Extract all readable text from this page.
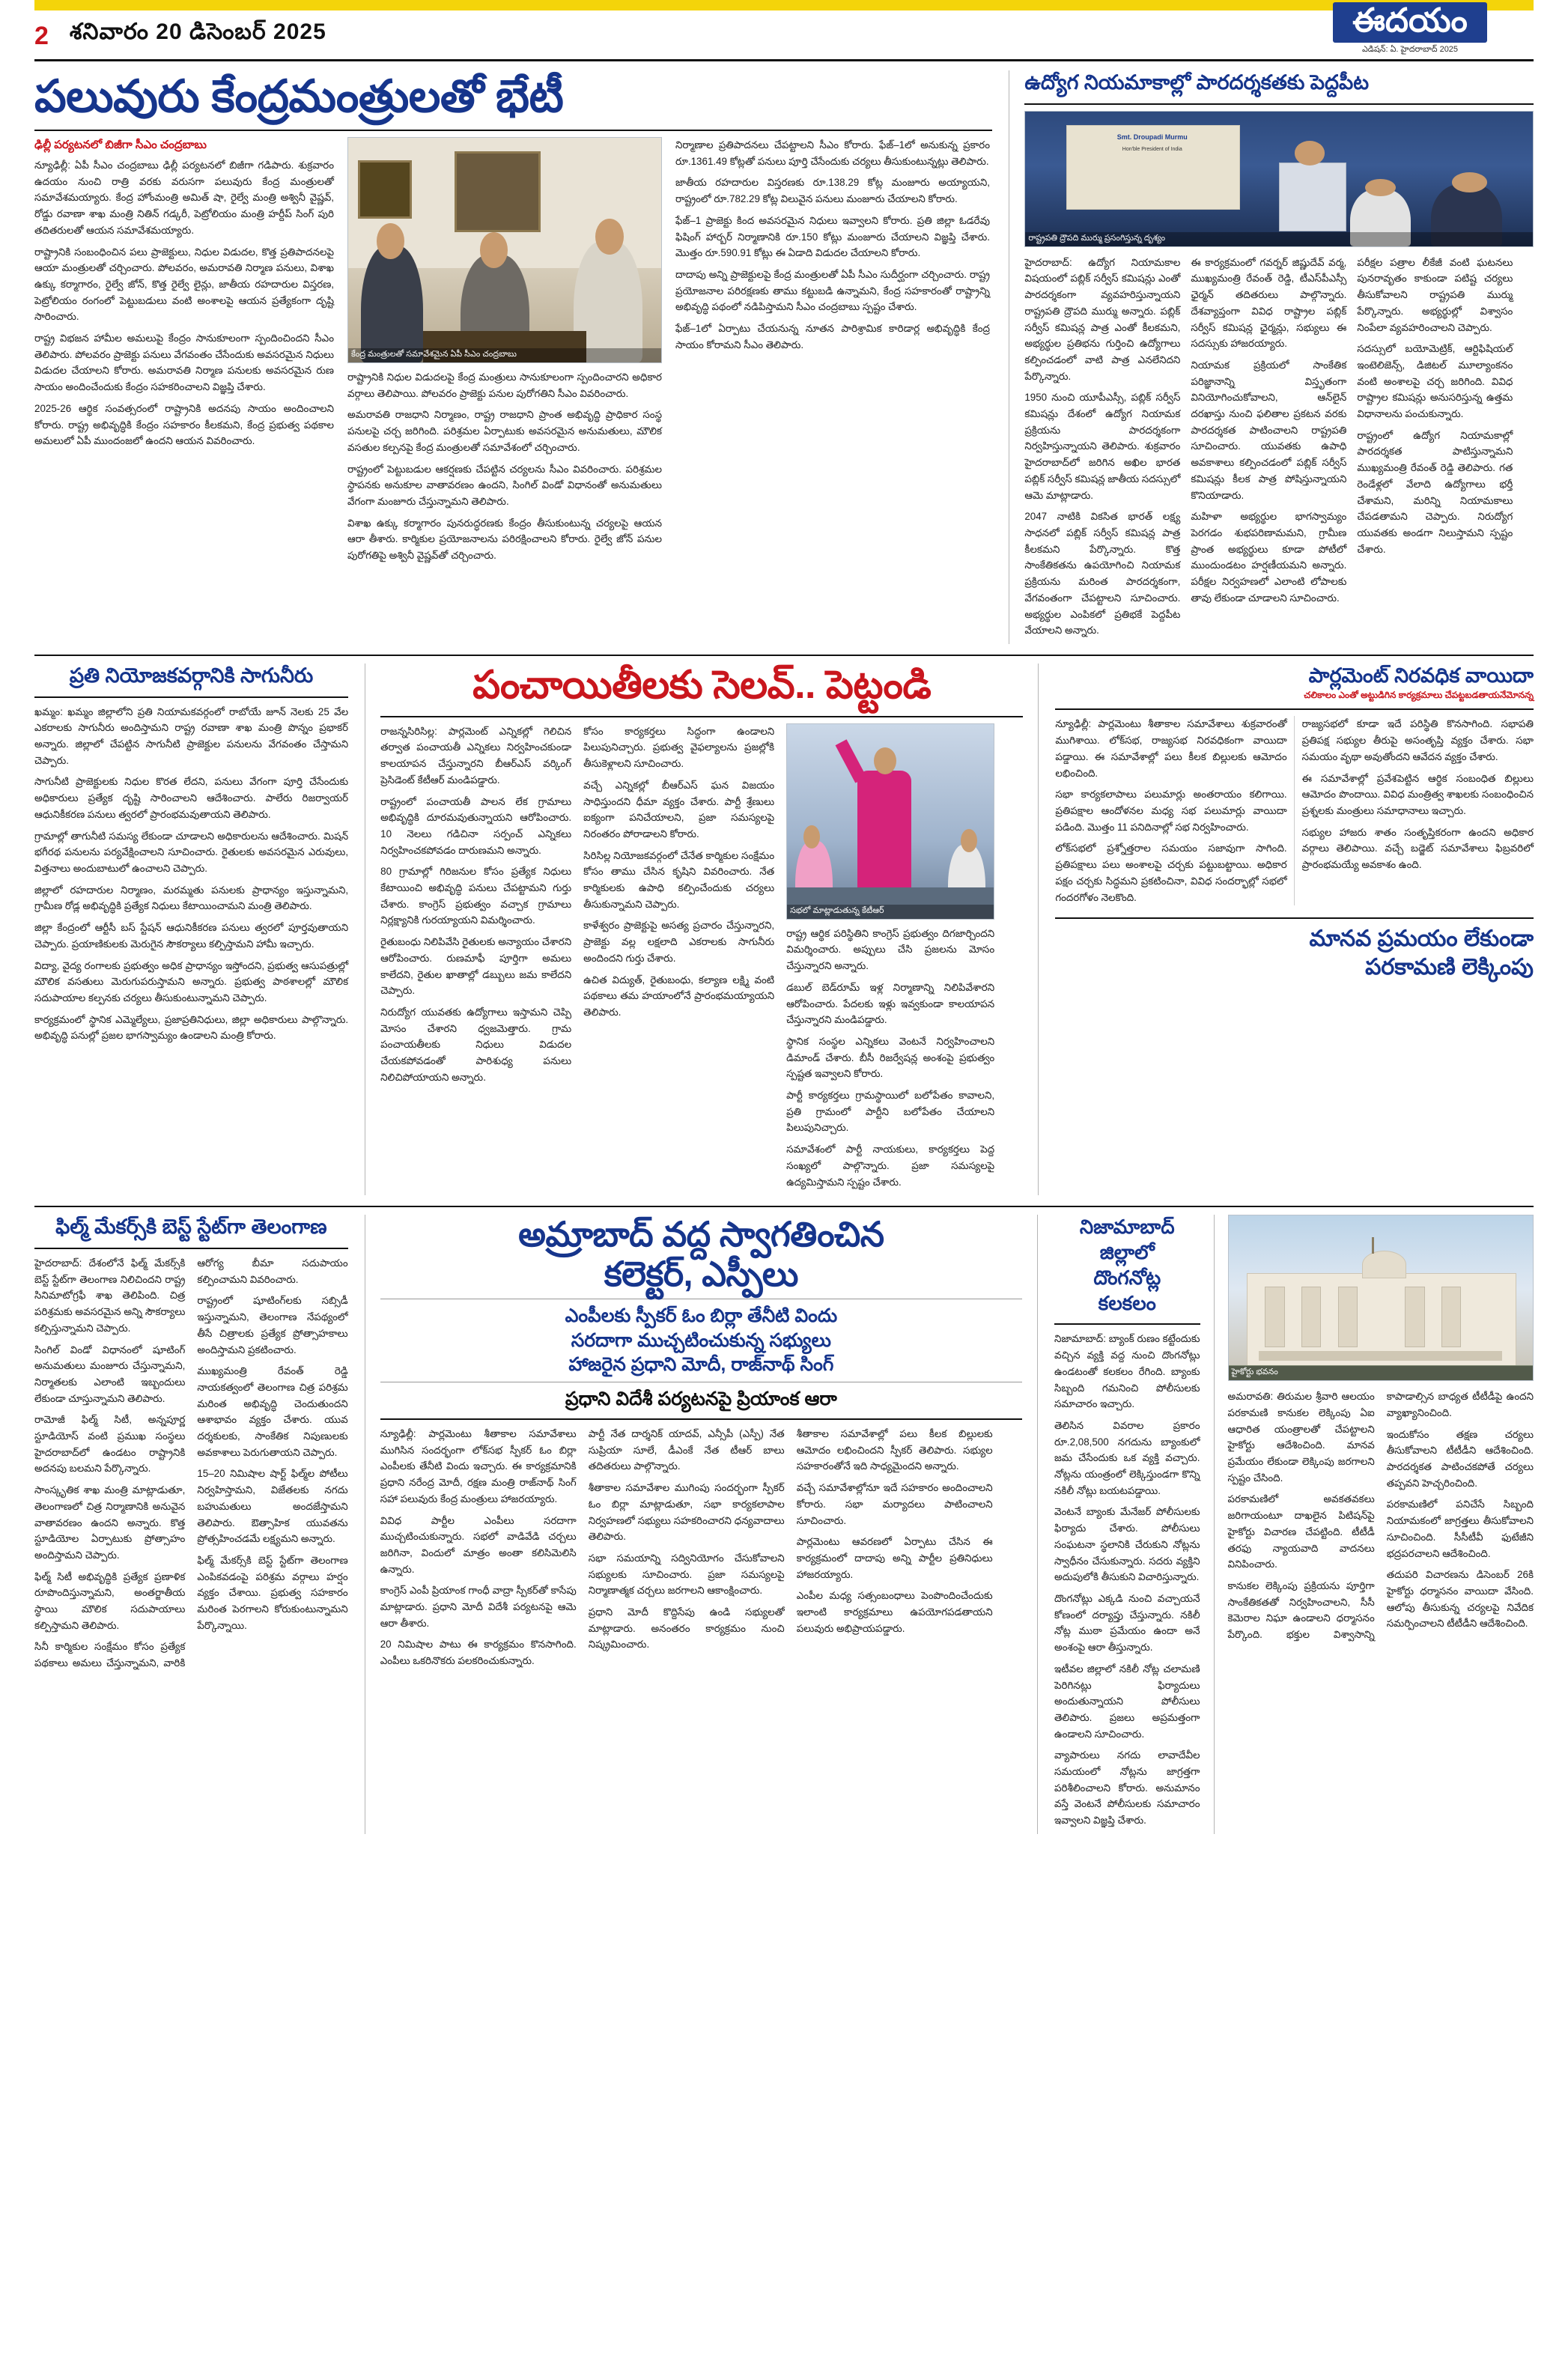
2 శనివారం 20 డిసెంబర్ 2025	ఈదయం
ఎడిషన్: ఏ. హైదరాబాద్ 2025
పలువురు కేంద్రమంత్రులతో భేటీ
ఢిల్లీ పర్యటనలో బిజీగా సీఎం చంద్రబాబు

న్యూఢిల్లీ: ఏపీ సీఎం చంద్రబాబు ఢిల్లీ పర్యటనలో బిజీగా గడిపారు. శుక్రవారం ఉదయం నుంచి రాత్రి వరకు వరుసగా పలువురు కేంద్ర మంత్రులతో సమావేశమయ్యారు. కేంద్ర హోంమంత్రి అమిత్ షా, రైల్వే మంత్రి అశ్వినీ వైష్ణవ్, రోడ్డు రవాణా శాఖ మంత్రి నితిన్ గడ్కరీ, పెట్రోలియం మంత్రి హర్దీప్ సింగ్ పురి తదితరులతో ఆయన సమావేశమయ్యారు.

రాష్ట్రానికి సంబంధించిన పలు ప్రాజెక్టులు, నిధుల విడుదల, కొత్త ప్రతిపాదనలపై ఆయా మంత్రులతో చర్చించారు. పోలవరం, అమరావతి నిర్మాణ పనులు, విశాఖ ఉక్కు కర్మాగారం, రైల్వే జోన్, కొత్త రైల్వే లైన్లు, జాతీయ రహదారుల విస్తరణ, పెట్రోలియం రంగంలో పెట్టుబడులు వంటి అంశాలపై ఆయన ప్రత్యేకంగా దృష్టి సారించారు.

రాష్ట్ర విభజన హామీల అమలుపై కేంద్రం సానుకూలంగా స్పందించిందని సీఎం తెలిపారు. పోలవరం ప్రాజెక్టు పనులు వేగవంతం చేసేందుకు అవసరమైన నిధులు విడుదల చేయాలని కోరారు. అమరావతి నిర్మాణ పనులకు అవసరమైన రుణ సాయం అందించేందుకు కేంద్రం సహకరించాలని విజ్ఞప్తి చేశారు.

2025-26 ఆర్థిక సంవత్సరంలో రాష్ట్రానికి అదనపు సాయం అందించాలని కోరారు. రాష్ట్ర అభివృద్ధికి కేంద్రం సహకారం కీలకమని, కేంద్ర ప్రభుత్వ పథకాల అమలులో ఏపీ ముందంజలో ఉందని ఆయన వివరించారు.

కేంద్ర మంత్రులతో సమావేశమైన ఏపీ సీఎం చంద్రబాబు

రాష్ట్రానికి నిధుల విడుదలపై కేంద్ర మంత్రులు సానుకూలంగా స్పందించారని అధికార వర్గాలు తెలిపాయి. పోలవరం ప్రాజెక్టు పనుల పురోగతిని సీఎం వివరించారు.

అమరావతి రాజధాని నిర్మాణం, రాష్ట్ర రాజధాని ప్రాంత అభివృద్ధి ప్రాధికార సంస్థ పనులపై చర్చ జరిగింది. పరిశ్రమల ఏర్పాటుకు అవసరమైన అనుమతులు, మౌలిక వసతుల కల్పనపై కేంద్ర మంత్రులతో సమావేశంలో చర్చించారు.

రాష్ట్రంలో పెట్టుబడుల ఆకర్షణకు చేపట్టిన చర్యలను సీఎం వివరించారు. పరిశ్రమల స్థాపనకు అనుకూల వాతావరణం ఉందని, సింగిల్ విండో విధానంతో అనుమతులు వేగంగా మంజూరు చేస్తున్నామని తెలిపారు.

విశాఖ ఉక్కు కర్మాగారం పునరుద్ధరణకు కేంద్రం తీసుకుంటున్న చర్యలపై ఆయన ఆరా తీశారు. కార్మికుల ప్రయోజనాలను పరిరక్షించాలని కోరారు. రైల్వే జోన్ పనుల పురోగతిపై అశ్వినీ వైష్ణవ్‌తో చర్చించారు.

నిర్మాణాల ప్రతిపాదనలు చేపట్టాలని సీఎం కోరారు. ఫేజ్–1లో అనుకున్న ప్రకారం రూ.1361.49 కోట్లతో పనులు పూర్తి చేసేందుకు చర్యలు తీసుకుంటున్నట్లు తెలిపారు.

జాతీయ రహదారుల విస్తరణకు రూ.138.29 కోట్ల మంజూరు అయ్యాయని, రాష్ట్రంలో రూ.782.29 కోట్ల విలువైన పనులు మంజూరు చేయాలని కోరారు.

ఫేజ్–1 ప్రాజెక్టు కింద అవసరమైన నిధులు ఇవ్వాలని కోరారు. ప్రతి జిల్లా ఓడరేవు ఫిషింగ్ హార్బర్ నిర్మాణానికి రూ.150 కోట్లు మంజూరు చేయాలని విజ్ఞప్తి చేశారు. మొత్తం రూ.590.91 కోట్లు ఈ ఏడాది విడుదల చేయాలని కోరారు.

దాదాపు అన్ని ప్రాజెక్టులపై కేంద్ర మంత్రులతో ఏపీ సీఎం సుదీర్ఘంగా చర్చించారు. రాష్ట్ర ప్రయోజనాల పరిరక్షణకు తాము కట్టుబడి ఉన్నామని, కేంద్ర సహకారంతో రాష్ట్రాన్ని అభివృద్ధి పథంలో నడిపిస్తామని సీఎం చంద్రబాబు స్పష్టం చేశారు.

ఫేజ్–1లో ఏర్పాటు చేయనున్న నూతన పారిశ్రామిక కారిడార్ల అభివృద్ధికి కేంద్ర సాయం కోరామని సీఎం తెలిపారు.

ఉద్యోగ నియమాకాల్లో పారదర్శకతకు పెద్దపీట
Smt. Droupadi Murmu
Hon'ble President of India
రాష్ట్రపతి ద్రౌపది ముర్ము ప్రసంగిస్తున్న దృశ్యం

హైదరాబాద్: ఉద్యోగ నియామకాల విషయంలో పబ్లిక్ సర్వీస్ కమిషన్లు ఎంతో పారదర్శకంగా వ్యవహరిస్తున్నాయని రాష్ట్రపతి ద్రౌపది ముర్ము అన్నారు. పబ్లిక్ సర్వీస్ కమిషన్ల పాత్ర ఎంతో కీలకమని, అభ్యర్థుల ప్రతిభను గుర్తించి ఉద్యోగాలు కల్పించడంలో వాటి పాత్ర ఎనలేనిదని పేర్కొన్నారు.

1950 నుంచి యూపీఎస్సీ, పబ్లిక్ సర్వీస్ కమిషన్లు దేశంలో ఉద్యోగ నియామక ప్రక్రియను పారదర్శకంగా నిర్వహిస్తున్నాయని తెలిపారు. శుక్రవారం హైదరాబాద్‌లో జరిగిన అఖిల భారత పబ్లిక్ సర్వీస్ కమిషన్ల జాతీయ సదస్సులో ఆమె మాట్లాడారు.

2047 నాటికి వికసిత భారత్ లక్ష్య సాధనలో పబ్లిక్ సర్వీస్ కమిషన్ల పాత్ర కీలకమని పేర్కొన్నారు. కొత్త సాంకేతికతను ఉపయోగించి నియామక ప్రక్రియను మరింత పారదర్శకంగా, వేగవంతంగా చేపట్టాలని సూచించారు. అభ్యర్థుల ఎంపికలో ప్రతిభకే పెద్దపీట వేయాలని అన్నారు.

ఈ కార్యక్రమంలో గవర్నర్ జిష్ణుదేవ్ వర్మ, ముఖ్యమంత్రి రేవంత్ రెడ్డి, టీఎస్‌పీఎస్సీ ఛైర్మన్ తదితరులు పాల్గొన్నారు. దేశవ్యాప్తంగా వివిధ రాష్ట్రాల పబ్లిక్ సర్వీస్ కమిషన్ల ఛైర్మన్లు, సభ్యులు ఈ సదస్సుకు హాజరయ్యారు.

నియామక ప్రక్రియలో సాంకేతిక పరిజ్ఞానాన్ని విస్తృతంగా వినియోగించుకోవాలని, ఆన్‌లైన్ దరఖాస్తు నుంచి ఫలితాల ప్రకటన వరకు పారదర్శకత పాటించాలని రాష్ట్రపతి సూచించారు. యువతకు ఉపాధి అవకాశాలు కల్పించడంలో పబ్లిక్ సర్వీస్ కమిషన్లు కీలక పాత్ర పోషిస్తున్నాయని కొనియాడారు.

మహిళా అభ్యర్థుల భాగస్వామ్యం పెరగడం శుభపరిణామమని, గ్రామీణ ప్రాంత అభ్యర్థులు కూడా పోటీలో ముందుండటం హర్షణీయమని అన్నారు. పరీక్షల నిర్వహణలో ఎలాంటి లోపాలకు తావు లేకుండా చూడాలని సూచించారు.

పరీక్షల పత్రాల లీకేజీ వంటి ఘటనలు పునరావృతం కాకుండా పటిష్ట చర్యలు తీసుకోవాలని రాష్ట్రపతి ముర్ము పేర్కొన్నారు. అభ్యర్థుల్లో విశ్వాసం నింపేలా వ్యవహరించాలని చెప్పారు.

సదస్సులో బయోమెట్రిక్, ఆర్టిఫిషియల్ ఇంటెలిజెన్స్, డిజిటల్ మూల్యాంకనం వంటి అంశాలపై చర్చ జరిగింది. వివిధ రాష్ట్రాల కమిషన్లు అనుసరిస్తున్న ఉత్తమ విధానాలను పంచుకున్నారు.

రాష్ట్రంలో ఉద్యోగ నియామకాల్లో పారదర్శకత పాటిస్తున్నామని ముఖ్యమంత్రి రేవంత్ రెడ్డి తెలిపారు. గత రెండేళ్లలో వేలాది ఉద్యోగాలు భర్తీ చేశామని, మరిన్ని నియామకాలు చేపడతామని చెప్పారు. నిరుద్యోగ యువతకు అండగా నిలుస్తామని స్పష్టం చేశారు.

ప్రతి నియోజకవర్గానికి సాగునీరు

ఖమ్మం: ఖమ్మం జిల్లాలోని ప్రతి నియామకవర్గంలో రాబోయే జూన్ నెలకు 25 వేల ఎకరాలకు సాగునీరు అందిస్తామని రాష్ట్ర రవాణా శాఖ మంత్రి పొన్నం ప్రభాకర్ అన్నారు. జిల్లాలో చేపట్టిన సాగునీటి ప్రాజెక్టుల పనులను వేగవంతం చేస్తామని చెప్పారు.

సాగునీటి ప్రాజెక్టులకు నిధుల కొరత లేదని, పనులు వేగంగా పూర్తి చేసేందుకు అధికారులు ప్రత్యేక దృష్టి సారించాలని ఆదేశించారు. పాలేరు రిజర్వాయర్ ఆధునికీకరణ పనులు త్వరలో ప్రారంభమవుతాయని తెలిపారు.

గ్రామాల్లో తాగునీటి సమస్య లేకుండా చూడాలని అధికారులను ఆదేశించారు. మిషన్ భగీరథ పనులను పర్యవేక్షించాలని సూచించారు. రైతులకు అవసరమైన ఎరువులు, విత్తనాలు అందుబాటులో ఉంచాలని చెప్పారు.

జిల్లాలో రహదారుల నిర్మాణం, మరమ్మతు పనులకు ప్రాధాన్యం ఇస్తున్నామని, గ్రామీణ రోడ్ల అభివృద్ధికి ప్రత్యేక నిధులు కేటాయించామని మంత్రి తెలిపారు.

జిల్లా కేంద్రంలో ఆర్టీసీ బస్ స్టేషన్ ఆధునికీకరణ పనులు త్వరలో పూర్తవుతాయని చెప్పారు. ప్రయాణికులకు మెరుగైన సౌకర్యాలు కల్పిస్తామని హామీ ఇచ్చారు.

విద్యా, వైద్య రంగాలకు ప్రభుత్వం అధిక ప్రాధాన్యం ఇస్తోందని, ప్రభుత్వ ఆసుపత్రుల్లో మౌలిక వసతులు మెరుగుపరుస్తామని అన్నారు. ప్రభుత్వ పాఠశాలల్లో మౌలిక సదుపాయాల కల్పనకు చర్యలు తీసుకుంటున్నామని చెప్పారు.

కార్యక్రమంలో స్థానిక ఎమ్మెల్యేలు, ప్రజాప్రతినిధులు, జిల్లా అధికారులు పాల్గొన్నారు. అభివృద్ధి పనుల్లో ప్రజల భాగస్వామ్యం ఉండాలని మంత్రి కోరారు.

పంచాయితీలకు సెలవ్.. పెట్టండి

రాజన్నసిరిసిల్ల: పార్లమెంట్ ఎన్నికల్లో గెలిచిన తర్వాత పంచాయతీ ఎన్నికలు నిర్వహించకుండా కాలయాపన చేస్తున్నారని బీఆర్ఎస్ వర్కింగ్ ప్రెసిడెంట్ కేటీఆర్ మండిపడ్డారు.

రాష్ట్రంలో పంచాయతీ పాలన లేక గ్రామాలు అభివృద్ధికి దూరమవుతున్నాయని ఆరోపించారు. 10 నెలలు గడిచినా సర్పంచ్ ఎన్నికలు నిర్వహించకపోవడం దారుణమని అన్నారు.

80 గ్రామాల్లో గిరిజనుల కోసం ప్రత్యేక నిధులు కేటాయించి అభివృద్ధి పనులు చేపట్టామని గుర్తు చేశారు. కాంగ్రెస్ ప్రభుత్వం వచ్చాక గ్రామాలు నిర్లక్ష్యానికి గురయ్యాయని విమర్శించారు.

రైతుబంధు నిలిపివేసి రైతులకు అన్యాయం చేశారని ఆరోపించారు. రుణమాఫీ పూర్తిగా అమలు కాలేదని, రైతుల ఖాతాల్లో డబ్బులు జమ కాలేదని చెప్పారు.

నిరుద్యోగ యువతకు ఉద్యోగాలు ఇస్తామని చెప్పి మోసం చేశారని ధ్వజమెత్తారు. గ్రామ పంచాయతీలకు నిధులు విడుదల చేయకపోవడంతో పారిశుధ్య పనులు నిలిచిపోయాయని అన్నారు.

కోసం కార్యకర్తలు సిద్ధంగా ఉండాలని పిలుపునిచ్చారు. ప్రభుత్వ వైఫల్యాలను ప్రజల్లోకి తీసుకెళ్లాలని సూచించారు.

వచ్చే ఎన్నికల్లో బీఆర్ఎస్ ఘన విజయం సాధిస్తుందని ధీమా వ్యక్తం చేశారు. పార్టీ శ్రేణులు ఐక్యంగా పనిచేయాలని, ప్రజా సమస్యలపై నిరంతరం పోరాడాలని కోరారు.

సిరిసిల్ల నియోజకవర్గంలో చేనేత కార్మికుల సంక్షేమం కోసం తాము చేసిన కృషిని వివరించారు. నేత కార్మికులకు ఉపాధి కల్పించేందుకు చర్యలు తీసుకున్నామని చెప్పారు.

కాళేశ్వరం ప్రాజెక్టుపై అసత్య ప్రచారం చేస్తున్నారని, ప్రాజెక్టు వల్ల లక్షలాది ఎకరాలకు సాగునీరు అందిందని గుర్తు చేశారు.

ఉచిత విద్యుత్, రైతుబంధు, కల్యాణ లక్ష్మి వంటి పథకాలు తమ హయాంలోనే ప్రారంభమయ్యాయని తెలిపారు.

సభలో మాట్లాడుతున్న కేటీఆర్

రాష్ట్ర ఆర్థిక పరిస్థితిని కాంగ్రెస్ ప్రభుత్వం దిగజార్చిందని విమర్శించారు. అప్పులు చేసి ప్రజలను మోసం చేస్తున్నారని అన్నారు.

డబుల్ బెడ్‌రూమ్ ఇళ్ల నిర్మాణాన్ని నిలిపివేశారని ఆరోపించారు. పేదలకు ఇళ్లు ఇవ్వకుండా కాలయాపన చేస్తున్నారని మండిపడ్డారు.

స్థానిక సంస్థల ఎన్నికలు వెంటనే నిర్వహించాలని డిమాండ్ చేశారు. బీసీ రిజర్వేషన్ల అంశంపై ప్రభుత్వం స్పష్టత ఇవ్వాలని కోరారు.

పార్టీ కార్యకర్తలు గ్రామస్థాయిలో బలోపేతం కావాలని, ప్రతి గ్రామంలో పార్టీని బలోపేతం చేయాలని పిలుపునిచ్చారు.

సమావేశంలో పార్టీ నాయకులు, కార్యకర్తలు పెద్ద సంఖ్యలో పాల్గొన్నారు. ప్రజా సమస్యలపై ఉద్యమిస్తామని స్పష్టం చేశారు.

పార్లమెంట్ నిరవధిక వాయిదా
చలికాలం ఎంతో అట్టుడిగిన కార్యక్రమాలు చేపట్టబడతాయనేమోనన్న

న్యూఢిల్లీ: పార్లమెంటు శీతాకాల సమావేశాలు శుక్రవారంతో ముగిశాయి. లోక్‌సభ, రాజ్యసభ నిరవధికంగా వాయిదా పడ్డాయి. ఈ సమావేశాల్లో పలు కీలక బిల్లులకు ఆమోదం లభించింది.

సభా కార్యకలాపాలు పలుమార్లు అంతరాయం కలిగాయి. ప్రతిపక్షాల ఆందోళనల మధ్య సభ పలుమార్లు వాయిదా పడింది. మొత్తం 11 పనిదినాల్లో సభ నిర్వహించారు.

లోక్‌సభలో ప్రశ్నోత్తరాల సమయం సజావుగా సాగింది. ప్రతిపక్షాలు పలు అంశాలపై చర్చకు పట్టుబట్టాయి. అధికార పక్షం చర్చకు సిద్ధమని ప్రకటించినా, వివిధ సందర్భాల్లో సభలో గందరగోళం నెలకొంది.

రాజ్యసభలో కూడా ఇదే పరిస్థితి కొనసాగింది. సభాపతి ప్రతిపక్ష సభ్యుల తీరుపై అసంతృప్తి వ్యక్తం చేశారు. సభా సమయం వృథా అవుతోందని ఆవేదన వ్యక్తం చేశారు.

ఈ సమావేశాల్లో ప్రవేశపెట్టిన ఆర్థిక సంబంధిత బిల్లులు ఆమోదం పొందాయి. వివిధ మంత్రిత్వ శాఖలకు సంబంధించిన ప్రశ్నలకు మంత్రులు సమాధానాలు ఇచ్చారు.

సభ్యుల హాజరు శాతం సంతృప్తికరంగా ఉందని అధికార వర్గాలు తెలిపాయి. వచ్చే బడ్జెట్ సమావేశాలు ఫిబ్రవరిలో ప్రారంభమయ్యే అవకాశం ఉంది.

మానవ ప్రమయం లేకుండా
పరకామణి లెక్కింపు
ఫిల్మ్ మేకర్స్‌కి బెస్ట్ స్టేట్‌గా తెలంగాణ

హైదరాబాద్: దేశంలోనే ఫిల్మ్ మేకర్స్‌కి బెస్ట్ స్టేట్‌గా తెలంగాణ నిలిచిందని రాష్ట్ర సినిమాటోగ్రఫీ శాఖ తెలిపింది. చిత్ర పరిశ్రమకు అవసరమైన అన్ని సౌకర్యాలు కల్పిస్తున్నామని చెప్పారు.

సింగిల్ విండో విధానంలో షూటింగ్ అనుమతులు మంజూరు చేస్తున్నామని, నిర్మాతలకు ఎలాంటి ఇబ్బందులు లేకుండా చూస్తున్నామని తెలిపారు.

రామోజీ ఫిల్మ్ సిటీ, అన్నపూర్ణ స్టూడియోస్ వంటి ప్రముఖ సంస్థలు హైదరాబాద్‌లో ఉండటం రాష్ట్రానికి అదనపు బలమని పేర్కొన్నారు.

సాంస్కృతిక శాఖ మంత్రి మాట్లాడుతూ, తెలంగాణలో చిత్ర నిర్మాణానికి అనువైన వాతావరణం ఉందని అన్నారు. కొత్త స్టూడియోల ఏర్పాటుకు ప్రోత్సాహం అందిస్తామని చెప్పారు.

ఫిల్మ్ సిటీ అభివృద్ధికి ప్రత్యేక ప్రణాళిక రూపొందిస్తున్నామని, అంతర్జాతీయ స్థాయి మౌలిక సదుపాయాలు కల్పిస్తామని తెలిపారు.

సినీ కార్మికుల సంక్షేమం కోసం ప్రత్యేక పథకాలు అమలు చేస్తున్నామని, వారికి ఆరోగ్య బీమా సదుపాయం కల్పించామని వివరించారు.

రాష్ట్రంలో షూటింగ్‌లకు సబ్సిడీ ఇస్తున్నామని, తెలంగాణ నేపథ్యంలో తీసే చిత్రాలకు ప్రత్యేక ప్రోత్సాహకాలు అందిస్తామని ప్రకటించారు.

ముఖ్యమంత్రి రేవంత్ రెడ్డి నాయకత్వంలో తెలంగాణ చిత్ర పరిశ్రమ మరింత అభివృద్ధి చెందుతుందని ఆశాభావం వ్యక్తం చేశారు. యువ దర్శకులకు, సాంకేతిక నిపుణులకు అవకాశాలు పెరుగుతాయని చెప్పారు.

15–20 నిమిషాల షార్ట్ ఫిల్మ్‌ల పోటీలు నిర్వహిస్తామని, విజేతలకు నగదు బహుమతులు అందజేస్తామని తెలిపారు. ఔత్సాహిక యువతను ప్రోత్సహించడమే లక్ష్యమని అన్నారు.

ఫిల్మ్ మేకర్స్‌కి బెస్ట్ స్టేట్‌గా తెలంగాణ ఎంపికవడంపై పరిశ్రమ వర్గాలు హర్షం వ్యక్తం చేశాయి. ప్రభుత్వ సహకారం మరింత పెరగాలని కోరుకుంటున్నామని పేర్కొన్నాయి.

అమ్రాబాద్ వద్ద స్వాగతించిన
కలెక్టర్, ఎస్పీలు
ఎంపీలకు స్పీకర్ ఓం బిర్లా తేనీటి విందు
సరదాగా ముచ్చటించుకున్న సభ్యులు
హాజరైన ప్రధాని మోదీ, రాజ్‌నాథ్ సింగ్
ప్రధాని విదేశీ పర్యటనపై ప్రియాంక ఆరా

న్యూఢిల్లీ: పార్లమెంటు శీతాకాల సమావేశాలు ముగిసిన సందర్భంగా లోక్‌సభ స్పీకర్ ఓం బిర్లా ఎంపీలకు తేనీటి విందు ఇచ్చారు. ఈ కార్యక్రమానికి ప్రధాని నరేంద్ర మోదీ, రక్షణ మంత్రి రాజ్‌నాథ్ సింగ్ సహా పలువురు కేంద్ర మంత్రులు హాజరయ్యారు.

వివిధ పార్టీల ఎంపీలు సరదాగా ముచ్చటించుకున్నారు. సభలో వాడివేడి చర్చలు జరిగినా, విందులో మాత్రం అంతా కలిసిమెలిసి ఉన్నారు.

కాంగ్రెస్ ఎంపీ ప్రియాంక గాంధీ వాద్రా స్పీకర్‌తో కాసేపు మాట్లాడారు. ప్రధాని మోదీ విదేశీ పర్యటనపై ఆమె ఆరా తీశారు.

20 నిమిషాల పాటు ఈ కార్యక్రమం కొనసాగింది. ఎంపీలు ఒకరినొకరు పలకరించుకున్నారు.

పార్టీ నేత దార్శనిక్ యాదవ్, ఎన్సీపీ (ఎస్పీ) నేత సుప్రియా సూలే, డీఎంకే నేత టీఆర్ బాలు తదితరులు పాల్గొన్నారు.

శీతాకాల సమావేశాల ముగింపు సందర్భంగా స్పీకర్ ఓం బిర్లా మాట్లాడుతూ, సభా కార్యకలాపాల నిర్వహణలో సభ్యులు సహకరించారని ధన్యవాదాలు తెలిపారు.

సభా సమయాన్ని సద్వినియోగం చేసుకోవాలని సభ్యులకు సూచించారు. ప్రజా సమస్యలపై నిర్మాణాత్మక చర్చలు జరగాలని ఆకాంక్షించారు.

ప్రధాని మోదీ కొద్దిసేపు ఉండి సభ్యులతో మాట్లాడారు. అనంతరం కార్యక్రమం నుంచి నిష్క్రమించారు.

శీతాకాల సమావేశాల్లో పలు కీలక బిల్లులకు ఆమోదం లభించిందని స్పీకర్ తెలిపారు. సభ్యుల సహకారంతోనే ఇది సాధ్యమైందని అన్నారు.

వచ్చే సమావేశాల్లోనూ ఇదే సహకారం అందించాలని కోరారు. సభా మర్యాదలు పాటించాలని సూచించారు.

పార్లమెంటు ఆవరణలో ఏర్పాటు చేసిన ఈ కార్యక్రమంలో దాదాపు అన్ని పార్టీల ప్రతినిధులు హాజరయ్యారు.

ఎంపీల మధ్య సత్సంబంధాలు పెంపొందించేందుకు ఇలాంటి కార్యక్రమాలు ఉపయోగపడతాయని పలువురు అభిప్రాయపడ్డారు.

నిజామాబాద్
జిల్లాలో
దొంగనోట్ల
కలకలం

నిజామాబాద్: బ్యాంక్ రుణం కట్టేందుకు వచ్చిన వ్యక్తి వద్ద నుంచి దొంగనోట్లు ఉండటంతో కలకలం రేగింది. బ్యాంకు సిబ్బంది గమనించి పోలీసులకు సమాచారం ఇచ్చారు.

తెలిసిన వివరాల ప్రకారం రూ.2,08,500 నగదును బ్యాంకులో జమ చేసేందుకు ఒక వ్యక్తి వచ్చారు. నోట్లను యంత్రంలో లెక్కిస్తుండగా కొన్ని నకిలీ నోట్లు బయటపడ్డాయి.

వెంటనే బ్యాంకు మేనేజర్ పోలీసులకు ఫిర్యాదు చేశారు. పోలీసులు సంఘటనా స్థలానికి చేరుకుని నోట్లను స్వాధీనం చేసుకున్నారు. సదరు వ్యక్తిని అదుపులోకి తీసుకుని విచారిస్తున్నారు.

దొంగనోట్లు ఎక్కడి నుంచి వచ్చాయనే కోణంలో దర్యాప్తు చేస్తున్నారు. నకిలీ నోట్ల ముఠా ప్రమేయం ఉందా అనే అంశంపై ఆరా తీస్తున్నారు.

ఇటీవల జిల్లాలో నకిలీ నోట్ల చలామణి పెరిగినట్లు ఫిర్యాదులు అందుతున్నాయని పోలీసులు తెలిపారు. ప్రజలు అప్రమత్తంగా ఉండాలని సూచించారు.

వ్యాపారులు నగదు లావాదేవీల సమయంలో నోట్లను జాగ్రత్తగా పరిశీలించాలని కోరారు. అనుమానం వస్తే వెంటనే పోలీసులకు సమాచారం ఇవ్వాలని విజ్ఞప్తి చేశారు.

హైకోర్టు భవనం

అమరావతి: తిరుమల శ్రీవారి ఆలయం పరకామణి కానుకల లెక్కింపు ఏఐ ఆధారిత యంత్రాలతో చేపట్టాలని హైకోర్టు ఆదేశించింది. మానవ ప్రమేయం లేకుండా లెక్కింపు జరగాలని స్పష్టం చేసింది.

పరకామణిలో అవకతవకలు జరిగాయంటూ దాఖలైన పిటిషన్‌పై హైకోర్టు విచారణ చేపట్టింది. టీటీడీ తరఫు న్యాయవాది వాదనలు వినిపించారు.

కానుకల లెక్కింపు ప్రక్రియను పూర్తిగా సాంకేతికతతో నిర్వహించాలని, సీసీ కెమెరాల నిఘా ఉండాలని ధర్మాసనం పేర్కొంది. భక్తుల విశ్వాసాన్ని కాపాడాల్సిన బాధ్యత టీటీడీపై ఉందని వ్యాఖ్యానించింది.

ఇందుకోసం తక్షణ చర్యలు తీసుకోవాలని టీటీడీని ఆదేశించింది. పారదర్శకత పాటించకపోతే చర్యలు తప్పవని హెచ్చరించింది.

పరకామణిలో పనిచేసే సిబ్బంది నియామకంలో జాగ్రత్తలు తీసుకోవాలని సూచించింది. సీసీటీవీ ఫుటేజీని భద్రపరచాలని ఆదేశించింది.

తదుపరి విచారణను డిసెంబర్ 26కి హైకోర్టు ధర్మాసనం వాయిదా వేసింది. ఆలోపు తీసుకున్న చర్యలపై నివేదిక సమర్పించాలని టీటీడీని ఆదేశించింది.
